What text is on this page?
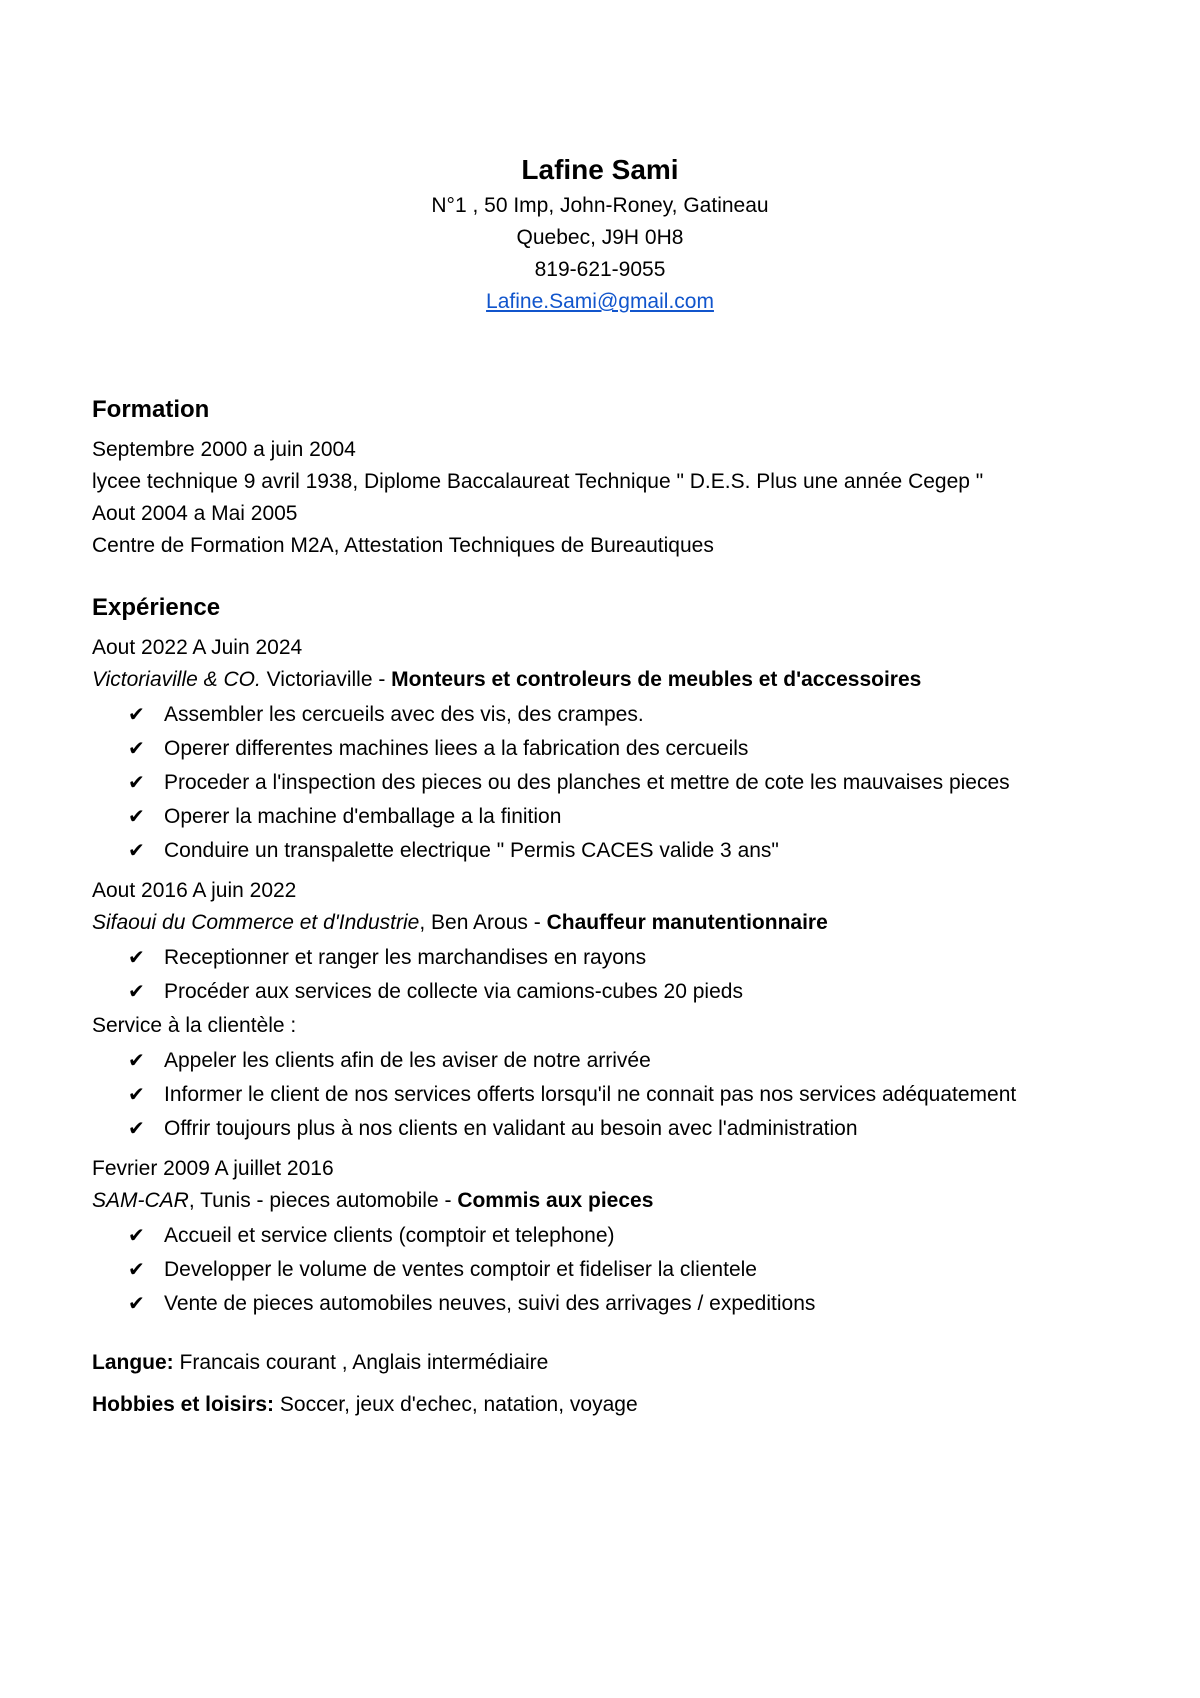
Lafine Sami
N°1 , 50 Imp, John-Roney, Gatineau
Quebec, J9H 0H8
819-621-9055
Lafine.Sami@gmail.com
Formation

Septembre 2000 a juin 2004

lycee technique 9 avril 1938, Diplome Baccalaureat Technique " D.E.S. Plus une année Cegep "

Aout 2004 a Mai 2005

Centre de Formation M2A, Attestation Techniques de Bureautiques

Expérience

Aout 2022 A Juin 2024

Victoriaville & CO. Victoriaville - Monteurs et controleurs de meubles et d'accessoires

✔ Assembler les cercueils avec des vis, des crampes.
✔ Operer differentes machines liees a la fabrication des cercueils
✔ Proceder a l'inspection des pieces ou des planches et mettre de cote les mauvaises pieces
✔ Operer la machine d'emballage a la finition
✔ Conduire un transpalette electrique " Permis CACES valide 3 ans"

Aout 2016 A juin 2022

Sifaoui du Commerce et d'Industrie, Ben Arous - Chauffeur manutentionnaire

✔ Receptionner et ranger les marchandises en rayons
✔ Procéder aux services de collecte via camions-cubes 20 pieds

Service à la clientèle :

✔ Appeler les clients afin de les aviser de notre arrivée
✔ Informer le client de nos services offerts lorsqu'il ne connait pas nos services adéquatement
✔ Offrir toujours plus à nos clients en validant au besoin avec l'administration

Fevrier 2009 A juillet 2016

SAM-CAR, Tunis - pieces automobile - Commis aux pieces

✔ Accueil et service clients (comptoir et telephone)
✔ Developper le volume de ventes comptoir et fideliser la clientele
✔ Vente de pieces automobiles neuves, suivi des arrivages / expeditions

Langue: Francais courant , Anglais intermédiaire

Hobbies et loisirs: Soccer, jeux d'echec, natation, voyage
